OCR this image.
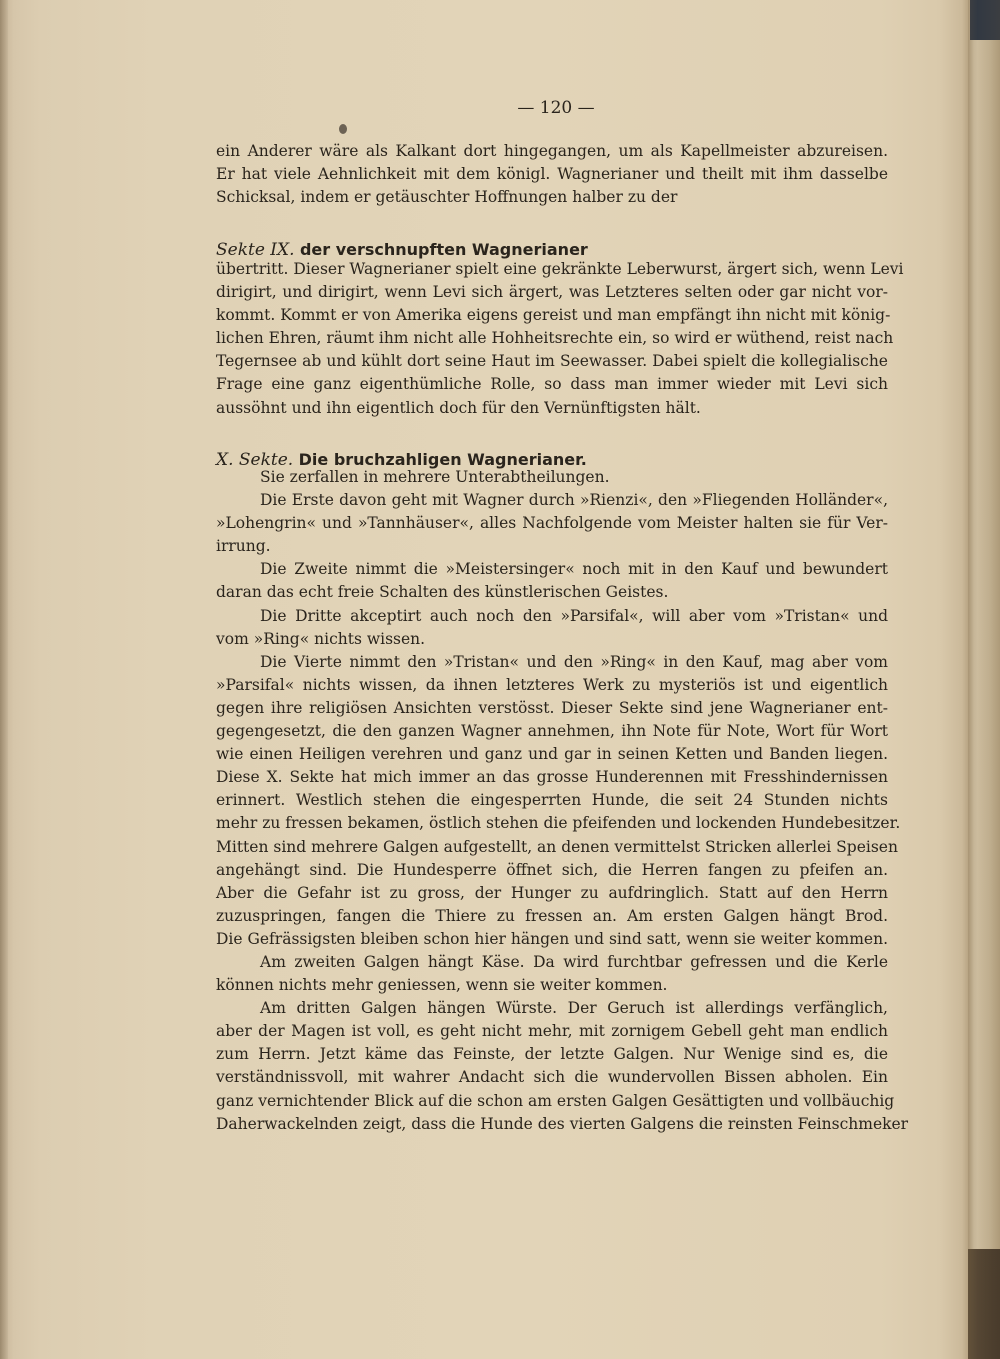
— 120 —
ein Anderer wäre als Kalkant dort hingegangen, um als Kapellmeister abzureisen.
Er hat viele Aehnlichkeit mit dem königl. Wagnerianer und theilt mit ihm dasselbe
Schicksal, indem er getäuschter Hoffnungen halber zu der
Sekte IX. der verschnupften Wagnerianer
übertritt. Dieser Wagnerianer spielt eine gekränkte Leberwurst, ärgert sich, wenn Levi
dirigirt, und dirigirt, wenn Levi sich ärgert, was Letzteres selten oder gar nicht vor-
kommt. Kommt er von Amerika eigens gereist und man empfängt ihn nicht mit könig-
lichen Ehren, räumt ihm nicht alle Hohheitsrechte ein, so wird er wüthend, reist nach
Tegernsee ab und kühlt dort seine Haut im Seewasser. Dabei spielt die kollegialische
Frage eine ganz eigenthümliche Rolle, so dass man immer wieder mit Levi sich
aussöhnt und ihn eigentlich doch für den Vernünftigsten hält.
X. Sekte. Die bruchzahligen Wagnerianer.
Sie zerfallen in mehrere Unterabtheilungen.
Die Erste davon geht mit Wagner durch »Rienzi«, den »Fliegenden Holländer«,
»Lohengrin« und »Tannhäuser«, alles Nachfolgende vom Meister halten sie für Ver-
irrung.
Die Zweite nimmt die »Meistersinger« noch mit in den Kauf und bewundert
daran das echt freie Schalten des künstlerischen Geistes.
Die Dritte akceptirt auch noch den »Parsifal«, will aber vom »Tristan« und
vom »Ring« nichts wissen.
Die Vierte nimmt den »Tristan« und den »Ring« in den Kauf, mag aber vom
»Parsifal« nichts wissen, da ihnen letzteres Werk zu mysteriös ist und eigentlich
gegen ihre religiösen Ansichten verstösst. Dieser Sekte sind jene Wagnerianer ent-
gegengesetzt, die den ganzen Wagner annehmen, ihn Note für Note, Wort für Wort
wie einen Heiligen verehren und ganz und gar in seinen Ketten und Banden liegen.
Diese X. Sekte hat mich immer an das grosse Hunderennen mit Fresshindernissen
erinnert. Westlich stehen die eingesperrten Hunde, die seit 24 Stunden nichts
mehr zu fressen bekamen, östlich stehen die pfeifenden und lockenden Hundebesitzer.
Mitten sind mehrere Galgen aufgestellt, an denen vermittelst Stricken allerlei Speisen
angehängt sind. Die Hundesperre öffnet sich, die Herren fangen zu pfeifen an.
Aber die Gefahr ist zu gross, der Hunger zu aufdringlich. Statt auf den Herrn
zuzuspringen, fangen die Thiere zu fressen an. Am ersten Galgen hängt Brod.
Die Gefrässigsten bleiben schon hier hängen und sind satt, wenn sie weiter kommen.
Am zweiten Galgen hängt Käse. Da wird furchtbar gefressen und die Kerle
können nichts mehr geniessen, wenn sie weiter kommen.
Am dritten Galgen hängen Würste. Der Geruch ist allerdings verfänglich,
aber der Magen ist voll, es geht nicht mehr, mit zornigem Gebell geht man endlich
zum Herrn. Jetzt käme das Feinste, der letzte Galgen. Nur Wenige sind es, die
verständnissvoll, mit wahrer Andacht sich die wundervollen Bissen abholen. Ein
ganz vernichtender Blick auf die schon am ersten Galgen Gesättigten und vollbäuchig
Daherwackelnden zeigt, dass die Hunde des vierten Galgens die reinsten Feinschmeker
